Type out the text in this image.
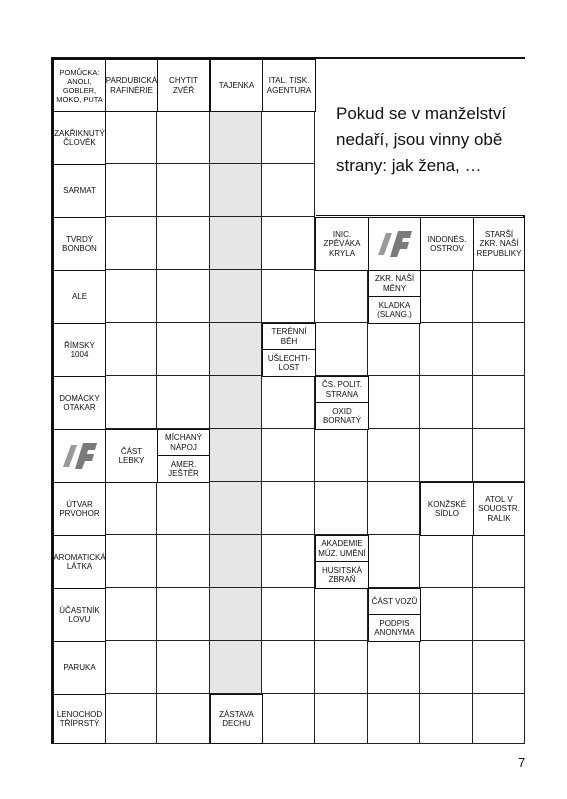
Pokud se v manželství nedaří, jsou vinny obě strany: jak žena, …
POMŮCKA: ANOLI, GOBLER, MOKO, PUTA
PARDUBICKÁ RAFINÉRIE
CHYTIT ZVĚŘ
TAJENKA
ITAL. TISK. AGENTURA
ZAKŘIKNUTÝ ČLOVĚK
SARMAT
TVRDÝ BONBON
ALE
ŘÍMSKY 1004
DOMÁCKY OTAKAR
ÚTVAR PRVOHOR
AROMATICKÁ LÁTKA
ÚČASTNÍK LOVU
PARUKA
LENOCHOD TŘÍPRSTÝ
INIC. ZPĚVÁKA KRYLA
INDONÉS. OSTROV
STARŠÍ ZKR. NAŠÍ REPUBLIKY
ZKR. NAŠÍ MĚNY
KLADKA (SLANG.)
TERÉNNÍ BĚH
UŠLECHTI-LOST
ČS. POLIT. STRANA
OXID BORNATÝ
ČÁST LEBKY
MÍCHANÝ NÁPOJ
AMER. JEŠTĚR
KONŽSKÉ SÍDLO
ATOL V SOUOSTR. RALIK
AKADEMIE MÚZ. UMĚNÍ
HUSITSKÁ ZBRAŇ
ČÁST VOZŮ
PODPIS ANONYMA
ZÁSTAVA DECHU
7
